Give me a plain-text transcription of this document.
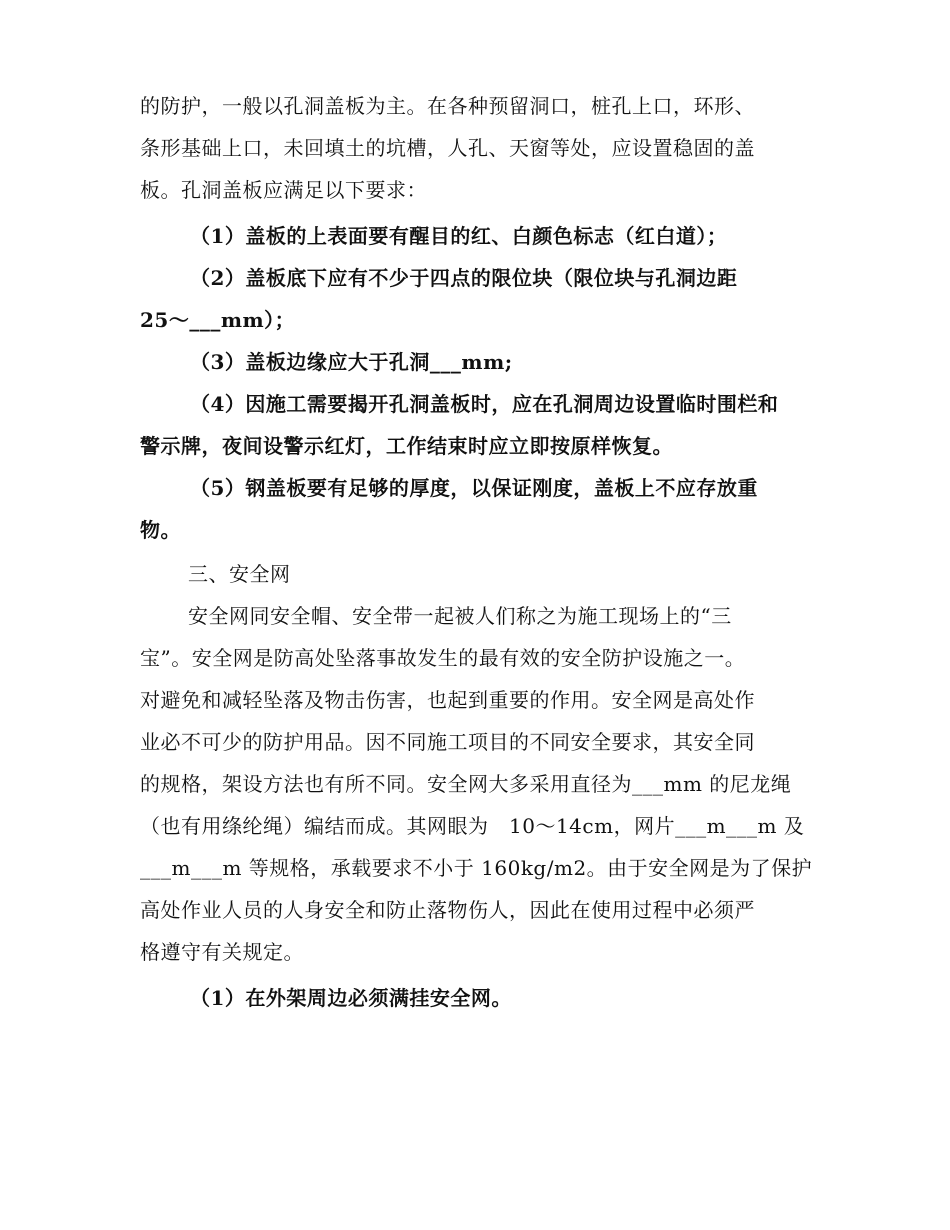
的防护，一般以孔洞盖板为主。在各种预留洞口，桩孔上口，环形、
条形基础上口，未回填土的坑槽，人孔、天窗等处，应设置稳固的盖
板。孔洞盖板应满足以下要求：
（1）盖板的上表面要有醒目的红、白颜色标志（红白道）；
（2）盖板底下应有不少于四点的限位块（限位块与孔洞边距
25～___mm）；
（3）盖板边缘应大于孔洞___mm;
（4）因施工需要揭开孔洞盖板时，应在孔洞周边设置临时围栏和
警示牌，夜间设警示红灯，工作结束时应立即按原样恢复。
（5）钢盖板要有足够的厚度，以保证刚度，盖板上不应存放重
物。
三、安全网
安全网同安全帽、安全带一起被人们称之为施工现场上的“三
宝”。安全网是防高处坠落事故发生的最有效的安全防护设施之一。
对避免和减轻坠落及物击伤害，也起到重要的作用。安全网是高处作
业必不可少的防护用品。因不同施工项目的不同安全要求，其安全同
的规格，架设方法也有所不同。安全网大多采用直径为___mm 的尼龙绳
（也有用绦纶绳）编结而成。其网眼为　10～14cm，网片___m___m 及
___m___m 等规格，承载要求不小于 160kg/m2。由于安全网是为了保护
高处作业人员的人身安全和防止落物伤人，因此在使用过程中必须严
格遵守有关规定。
（1）在外架周边必须满挂安全网。
